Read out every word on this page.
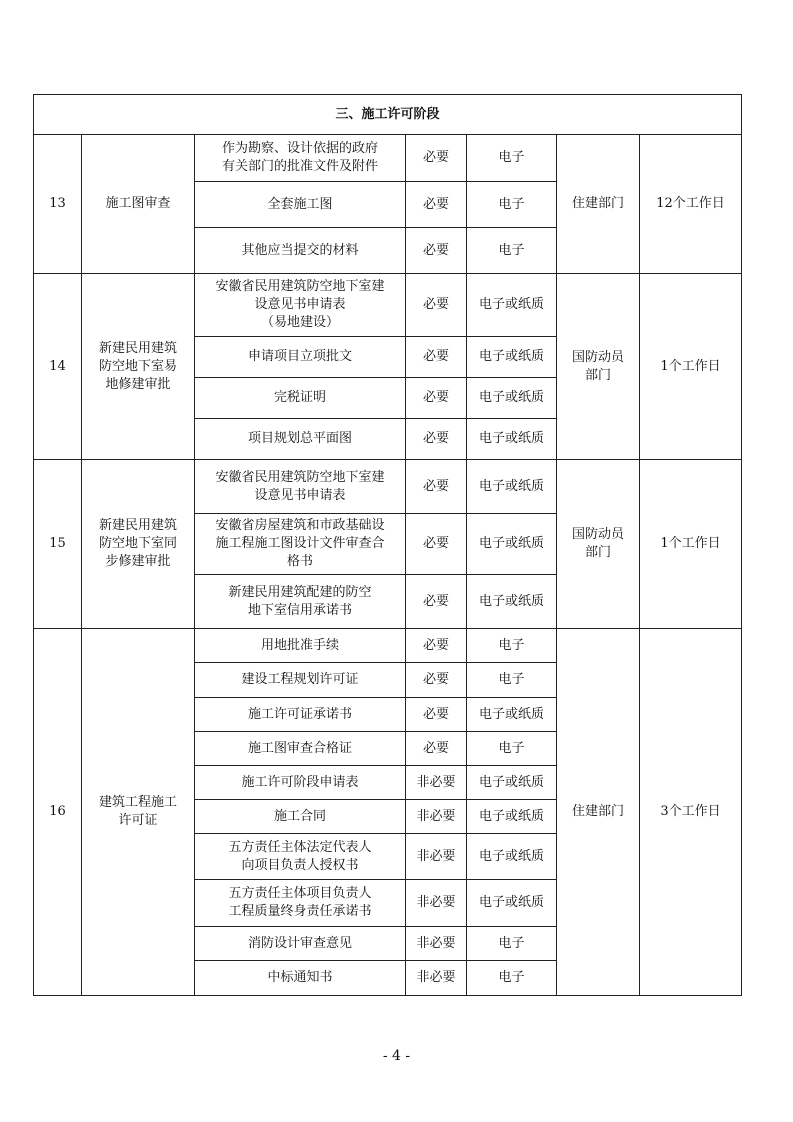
三、施工许可阶段						
13	施工图审查	作为勘察、设计依据的政府
有关部门的批准文件及附件	必要	电子	住建部门	12个工作日
		全套施工图	必要	电子		
		其他应当提交的材料	必要	电子		
14	新建民用建筑
防空地下室易
地修建审批	安徽省民用建筑防空地下室建
设意见书申请表
（易地建设）	必要	电子或纸质	国防动员
部门	1个工作日
		申请项目立项批文	必要	电子或纸质		
		完税证明	必要	电子或纸质		
		项目规划总平面图	必要	电子或纸质		
15	新建民用建筑
防空地下室同
步修建审批	安徽省民用建筑防空地下室建
设意见书申请表	必要	电子或纸质	国防动员
部门	1个工作日
		安徽省房屋建筑和市政基础设
施工程施工图设计文件审查合
格书	必要	电子或纸质		
		新建民用建筑配建的防空
地下室信用承诺书	必要	电子或纸质		
16	建筑工程施工
许可证	用地批准手续	必要	电子	住建部门	3个工作日
		建设工程规划许可证	必要	电子		
		施工许可证承诺书	必要	电子或纸质		
		施工图审查合格证	必要	电子		
		施工许可阶段申请表	非必要	电子或纸质		
		施工合同	非必要	电子或纸质		
		五方责任主体法定代表人
向项目负责人授权书	非必要	电子或纸质		
		五方责任主体项目负责人
工程质量终身责任承诺书	非必要	电子或纸质		
		消防设计审查意见	非必要	电子		
		中标通知书	非必要	电子		
- 4 -
